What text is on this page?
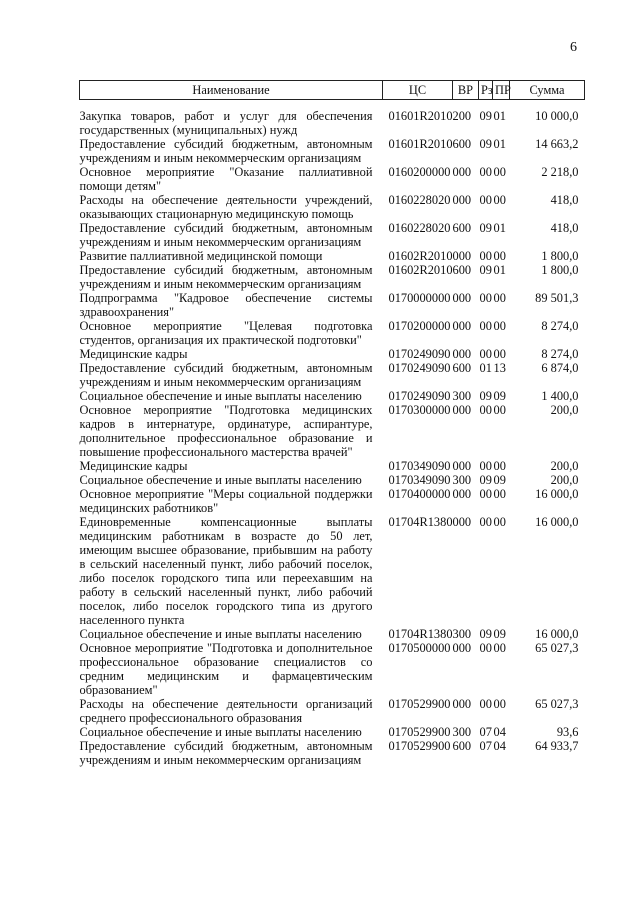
6
Наименование	ЦС	ВР	Рз	ПР	Сумма

Закупка товаров, работ и услуг для обеспечения государственных (муниципальных) нужд	01601R2010	200	09	01	10 000,0
Предоставление субсидий бюджетным, автономным учреждениям и иным некоммерческим организациям	01601R2010	600	09	01	14 663,2
Основное мероприятие "Оказание паллиативной помощи детям"	0160200000	000	00	00	2 218,0
Расходы на обеспечение деятельности учреждений, оказывающих стационарную медицинскую помощь	0160228020	000	00	00	418,0
Предоставление субсидий бюджетным, автономным учреждениям и иным некоммерческим организациям	0160228020	600	09	01	418,0
Развитие паллиативной медицинской помощи	01602R2010	000	00	00	1 800,0
Предоставление субсидий бюджетным, автономным учреждениям и иным некоммерческим организациям	01602R2010	600	09	01	1 800,0
Подпрограмма "Кадровое обеспечение системы здравоохранения"	0170000000	000	00	00	89 501,3
Основное мероприятие "Целевая подготовка студентов, организация их практической подготовки"	0170200000	000	00	00	8 274,0
Медицинские кадры	0170249090	000	00	00	8 274,0
Предоставление субсидий бюджетным, автономным учреждениям и иным некоммерческим организациям	0170249090	600	01	13	6 874,0
Социальное обеспечение и иные выплаты населению	0170249090	300	09	09	1 400,0
Основное мероприятие "Подготовка медицинских кадров в интернатуре, ординатуре, аспирантуре, дополнительное профессиональное образование и повышение профессионального мастерства врачей"	0170300000	000	00	00	200,0
Медицинские кадры	0170349090	000	00	00	200,0
Социальное обеспечение и иные выплаты населению	0170349090	300	09	09	200,0
Основное мероприятие "Меры социальной поддержки медицинских работников"	0170400000	000	00	00	16 000,0
Единовременные компенсационные выплаты медицинским работникам в возрасте до 50 лет, имеющим высшее образование, прибывшим на работу в сельский населенный пункт, либо рабочий поселок, либо поселок городского типа или переехавшим на работу в сельский населенный пункт, либо рабочий поселок, либо поселок городского типа из другого населенного пункта	01704R1380	000	00	00	16 000,0
Социальное обеспечение и иные выплаты населению	01704R1380	300	09	09	16 000,0
Основное мероприятие "Подготовка и дополнительное профессиональное образование специалистов со средним медицинским и фармацевтическим образованием"	0170500000	000	00	00	65 027,3
Расходы на обеспечение деятельности организаций среднего профессионального образования	0170529900	000	00	00	65 027,3
Социальное обеспечение и иные выплаты населению	0170529900	300	07	04	93,6
Предоставление субсидий бюджетным, автономным учреждениям и иным некоммерческим организациям	0170529900	600	07	04	64 933,7
